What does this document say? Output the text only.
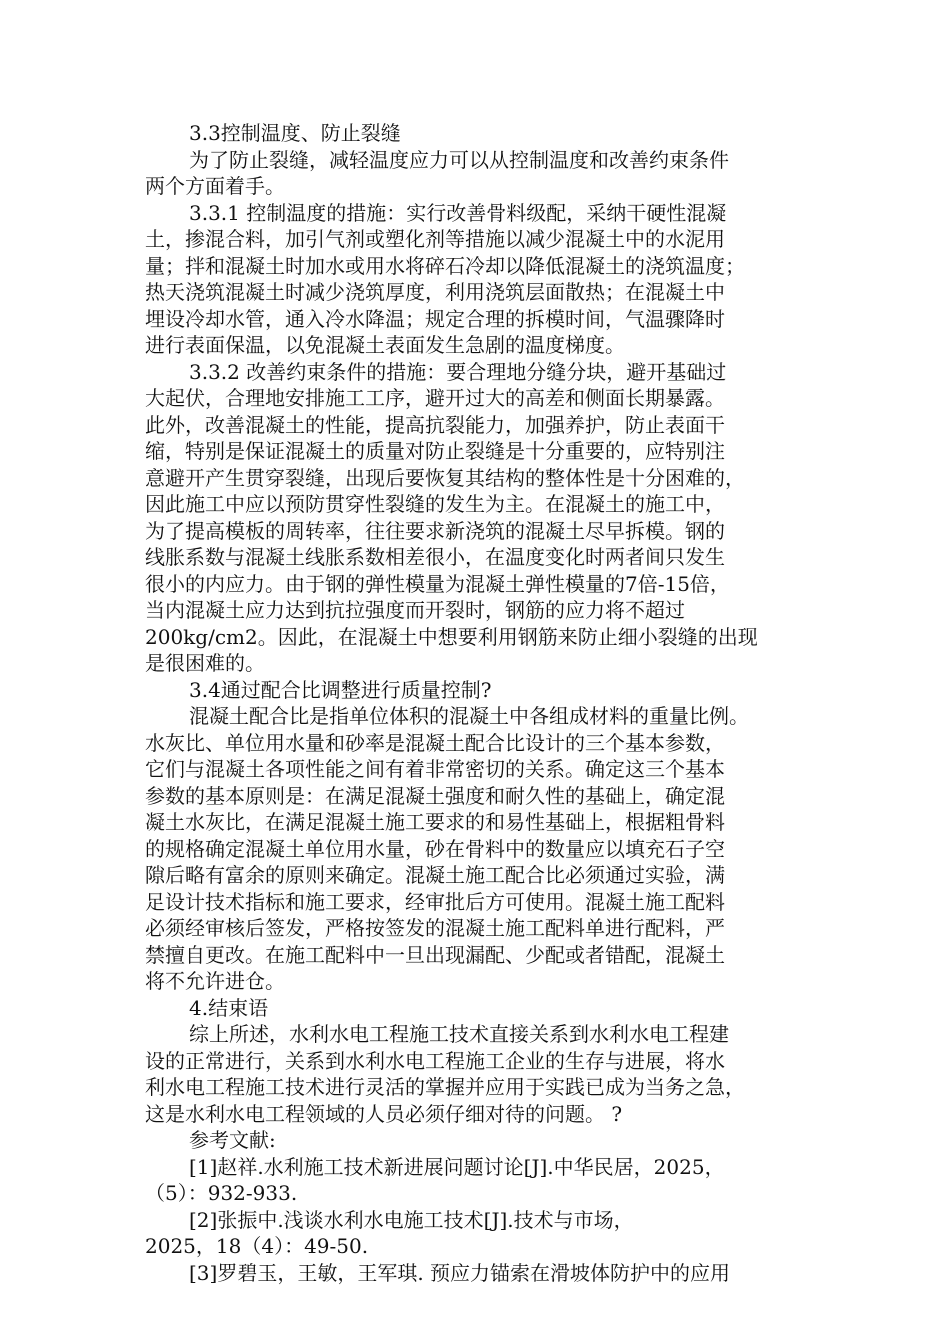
3.3控制温度、防止裂缝
为了防止裂缝，减轻温度应力可以从控制温度和改善约束条件
两个方面着手。
3.3.1 控制温度的措施：实行改善骨料级配，采纳干硬性混凝
土，掺混合料，加引气剂或塑化剂等措施以减少混凝土中的水泥用
量；拌和混凝土时加水或用水将碎石冷却以降低混凝土的浇筑温度；
热天浇筑混凝土时减少浇筑厚度，利用浇筑层面散热；在混凝土中
埋设冷却水管，通入冷水降温；规定合理的拆模时间，气温骤降时
进行表面保温，以免混凝土表面发生急剧的温度梯度。
3.3.2 改善约束条件的措施：要合理地分缝分块，避开基础过
大起伏，合理地安排施工工序，避开过大的高差和侧面长期暴露。
此外，改善混凝土的性能，提高抗裂能力，加强养护，防止表面干
缩，特别是保证混凝土的质量对防止裂缝是十分重要的，应特别注
意避开产生贯穿裂缝，出现后要恢复其结构的整体性是十分困难的，
因此施工中应以预防贯穿性裂缝的发生为主。在混凝土的施工中，
为了提高模板的周转率，往往要求新浇筑的混凝土尽早拆模。钢的
线胀系数与混凝土线胀系数相差很小，在温度变化时两者间只发生
很小的内应力。由于钢的弹性模量为混凝土弹性模量的7倍-15倍，
当内混凝土应力达到抗拉强度而开裂时，钢筋的应力将不超过
200kg/cm2。因此，在混凝土中想要利用钢筋来防止细小裂缝的出现
是很困难的。
3.4通过配合比调整进行质量控制?
混凝土配合比是指单位体积的混凝土中各组成材料的重量比例。
水灰比、单位用水量和砂率是混凝土配合比设计的三个基本参数，
它们与混凝土各项性能之间有着非常密切的关系。确定这三个基本
参数的基本原则是：在满足混凝土强度和耐久性的基础上，确定混
凝土水灰比，在满足混凝土施工要求的和易性基础上，根据粗骨料
的规格确定混凝土单位用水量，砂在骨料中的数量应以填充石子空
隙后略有富余的原则来确定。混凝土施工配合比必须通过实验，满
足设计技术指标和施工要求，经审批后方可使用。混凝土施工配料
必须经审核后签发，严格按签发的混凝土施工配料单进行配料，严
禁擅自更改。在施工配料中一旦出现漏配、少配或者错配，混凝土
将不允许进仓。
4.结束语
综上所述，水利水电工程施工技术直接关系到水利水电工程建
设的正常进行，关系到水利水电工程施工企业的生存与进展，将水
利水电工程施工技术进行灵活的掌握并应用于实践已成为当务之急，
这是水利水电工程领域的人员必须仔细对待的问题。 ?
参考文献:
[1]赵祥.水利施工技术新进展问题讨论[J].中华民居，2025，
（5）：932-933.
[2]张振中.浅谈水利水电施工技术[J].技术与市场，
2025，18（4）：49-50.
[3]罗碧玉，王敏，王军琪. 预应力锚索在滑坡体防护中的应用
